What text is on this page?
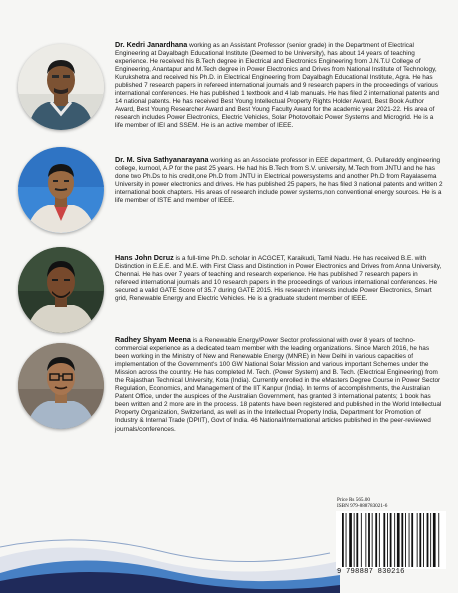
Dr. Kedri Janardhana working as an Assistant Professor (senior grade) in the Department of Electrical Engineering at Dayalbagh Educational Institute (Deemed to be University), has about 14 years of teaching experience. He received his B.Tech degree in Electrical and Electronics Engineering from J.N.T.U College of Engineering, Anantapur and M.Tech degree in Power Electronics and Drives from National Institute of Technology, Kurukshetra and received his Ph.D. in Electrical Engineering from Dayalbagh Educational Institute, Agra. He has published 7 research papers in refereed international journals and 9 research papers in the proceedings of various international conferences. He has published 1 textbook and 4 lab manuals. He has filed 2 international patents and 14 national patents. He has received Best Young Intellectual Property Rights Holder Award, Best Book Author Award, Best Young Researcher Award and Best Young Faculty Award for the academic year 2021-22. His area of research includes Power Electronics, Electric Vehicles, Solar Photovoltaic Power Systems and Microgrid. He is a life member of IEI and SSEM. He is an active member of IEEE.

Dr. M. Siva Sathyanarayana working as an Associate professor in EEE department, G. Pullareddy engineering college, kurnool, A.P for the past 25 years. He had his B.Tech from S.V. university, M.Tech from JNTU and he has done two Ph.Ds to his credit,one Ph.D from JNTU in Electrical powersystems and another Ph.D from Rayalasema University in power electronics and drives. He has published 25 papers, he has filed 3 national patents and written 2 international book chapters. His areas of research include power systems,non conventional energy sources. He is a life member of ISTE and member of IEEE.

Hans John Dcruz is a full-time Ph.D. scholar in ACGCET, Karaikudi, Tamil Nadu. He has received B.E. with Distinction in E.E.E. and M.E. with First Class and Distinction in Power Electronics and Drives from Anna University, Chennai. He has over 7 years of teaching and research experience. He has published 7 research papers in refereed international journals and 10 research papers in the proceedings of various international conferences. He secured a valid GATE Score of 35.7 during GATE 2015. His research interests include Power Electronics, Smart grid, Renewable Energy and Electric Vehicles. He is a graduate student member of IEEE.

Radhey Shyam Meena is a Renewable Energy/Power Sector professional with over 8 years of techno-commercial experience as a dedicated team member with the leading organizations. Since March 2016, he has been working in the Ministry of New and Renewable Energy (MNRE) in New Delhi in various capacities of implementation of the Government's 100 GW National Solar Mission and various important Schemes under the Mission across the country. He has completed M. Tech. (Power System) and B. Tech. (Electrical Engineering) from the Rajasthan Technical University, Kota (India). Currently enrolled in the eMasters Degree Course in Power Sector Regulation, Economics, and Management of the IIT Kanpur (India). In terms of accomplishments, the Australian Patent Office, under the auspices of the Australian Government, has granted 3 international patents; 1 book has been written and 2 more are in the process. 18 patents have been registered and published in the World Intellectual Property Organization, Switzerland, as well as in the Intellectual Property India, Department for Promotion of Industry & Internal Trade (DPIIT), Govt of India. 46 National/International articles published in the peer-reviewed journals/conferences.

Price Rs 565.00
ISBN 979-888783021-6
9 798887 830216
